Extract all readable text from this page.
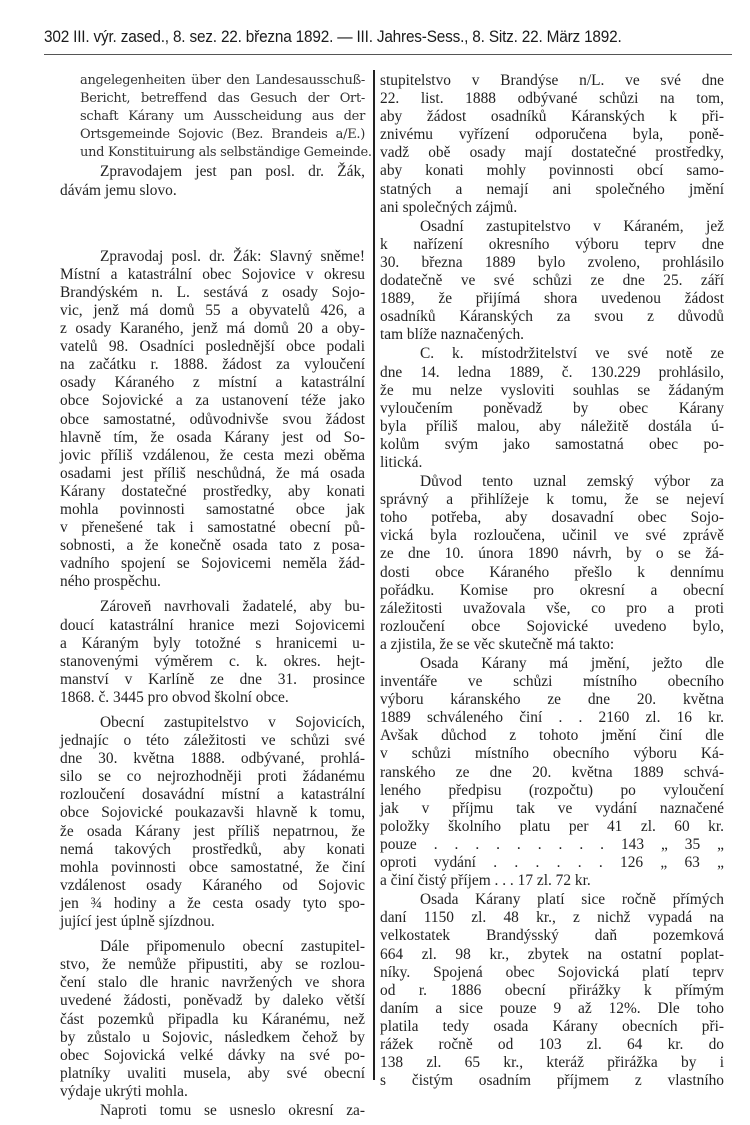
302 III. výr. zased., 8. sez. 22. března 1892. — III. Jahres-Sess., 8. Sitz. 22. März 1892.
angelegenheiten über den Landesausschuß-
Bericht, betreffend das Gesuch der Ort-
schaft Kárany um Ausscheidung aus der
Ortsgemeinde Sojovic (Bez. Brandeis a/E.)
und Konstituirung als selbständige Gemeinde.
Zpravodajem jest pan posl. dr. Žák,
dávám jemu slovo.
Zpravodaj posl. dr. Žák: Slavný sněme!
Místní a katastrální obec Sojovice v okresu
Brandýském n. L. sestává z osady Sojo-
vic, jenž má domů 55 a obyvatelů 426, a
z osady Karaného, jenž má domů 20 a oby-
vatelů 98. Osadníci poslednější obce podali
na začátku r. 1888. žádost za vyloučení
osady Káraného z místní a katastrální
obce Sojovické a za ustanovení téže jako
obce samostatné, odůvodnivše svou žádost
hlavně tím, že osada Kárany jest od So-
jovic příliš vzdálenou, že cesta mezi oběma
osadami jest příliš neschůdná, že má osada
Kárany dostatečné prostředky, aby konati
mohla povinnosti samostatné obce jak
v přenešené tak i samostatné obecní pů-
sobnosti, a že konečně osada tato z posa-
vadního spojení se Sojovicemi neměla žád-
ného prospěchu.
Zároveň navrhovali žadatelé, aby bu-
doucí katastrální hranice mezi Sojovicemi
a Káraným byly totožné s hranicemi u-
stanovenými výměrem c. k. okres. hejt-
manství v Karlíně ze dne 31. prosince
1868. č. 3445 pro obvod školní obce.
Obecní zastupitelstvo v Sojovicích,
jednajíc o této záležitosti ve schůzi své
dne 30. května 1888. odbývané, prohlá-
silo se co nejrozhodněji proti žádanému
rozloučení dosavádní místní a katastrální
obce Sojovické poukazavši hlavně k tomu,
že osada Kárany jest příliš nepatrnou, že
nemá takových prostředků, aby konati
mohla povinnosti obce samostatné, že činí
vzdálenost osady Káraného od Sojovic
jen ¾ hodiny a že cesta osady tyto spo-
jující jest úplně sjízdnou.
Dále připomenulo obecní zastupitel-
stvo, že nemůže připustiti, aby se rozlou-
čení stalo dle hranic navržených ve shora
uvedené žádosti, poněvadž by daleko větší
část pozemků připadla ku Káranému, než
by zůstalo u Sojovic, následkem čehož by
obec Sojovická velké dávky na své po-
platníky uvaliti musela, aby své obecní
výdaje ukrýti mohla.
Naproti tomu se usneslo okresní za-
stupitelstvo v Brandýse n/L. ve své dne
22. list. 1888 odbývané schůzi na tom,
aby žádost osadníků Káranských k při-
znivému vyřízení odporučena byla, poně-
vadž obě osady mají dostatečné prostředky,
aby konati mohly povinnosti obcí samo-
statných a nemají ani společného jmění
ani společných zájmů.
Osadní zastupitelstvo v Káraném, jež
k nařízení okresního výboru teprv dne
30. března 1889 bylo zvoleno, prohlásilo
dodatečně ve své schůzi ze dne 25. září
1889, že přijímá shora uvedenou žádost
osadníků Káranských za svou z důvodů
tam blíže naznačených.
C. k. místodržitelství ve své notě ze
dne 14. ledna 1889, č. 130.229 prohlásilo,
že mu nelze vysloviti souhlas se žádaným
vyloučením poněvadž by obec Kárany
byla příliš malou, aby náležitě dostála ú-
kolům svým jako samostatná obec po-
litická.
Důvod tento uznal zemský výbor za
správný a přihlížeje k tomu, že se nejeví
toho potřeba, aby dosavadní obec Sojo-
vická byla rozloučena, učinil ve své zprávě
ze dne 10. února 1890 návrh, by o se žá-
dosti obce Káraného přešlo k dennímu
pořádku. Komise pro okresní a obecní
záležitosti uvažovala vše, co pro a proti
rozloučení obce Sojovické uvedeno bylo,
a zjistila, že se věc skutečně má takto:
Osada Kárany má jmění, ježto dle
inventáře ve schůzi místního obecního
výboru káranského ze dne 20. května
1889 schváleného činí . . 2160 zl. 16 kr.
Avšak důchod z tohoto jmění činí dle
v schůzi místního obecního výboru Ká-
ranského ze dne 20. května 1889 schvá-
leného předpisu (rozpočtu) po vyloučení
jak v příjmu tak ve vydání naznačené
položky školního platu per 41 zl. 60 kr.
pouze . . . . . . . . . 143 „ 35 „
oproti vydání . . . . . . 126 „ 63 „
a činí čistý příjem . . . 17 zl. 72 kr.
Osada Kárany platí sice ročně přímých
daní 1150 zl. 48 kr., z nichž vypadá na
velkostatek Brandýsský daň pozemková
664 zl. 98 kr., zbytek na ostatní poplat-
níky. Spojená obec Sojovická platí teprv
od r. 1886 obecní přirážky k přímým
daním a sice pouze 9 až 12%. Dle toho
platila tedy osada Kárany obecních při-
rážek ročně od 103 zl. 64 kr. do
138 zl. 65 kr., kteráž přirážka by i
s čistým osadním příjmem z vlastního
